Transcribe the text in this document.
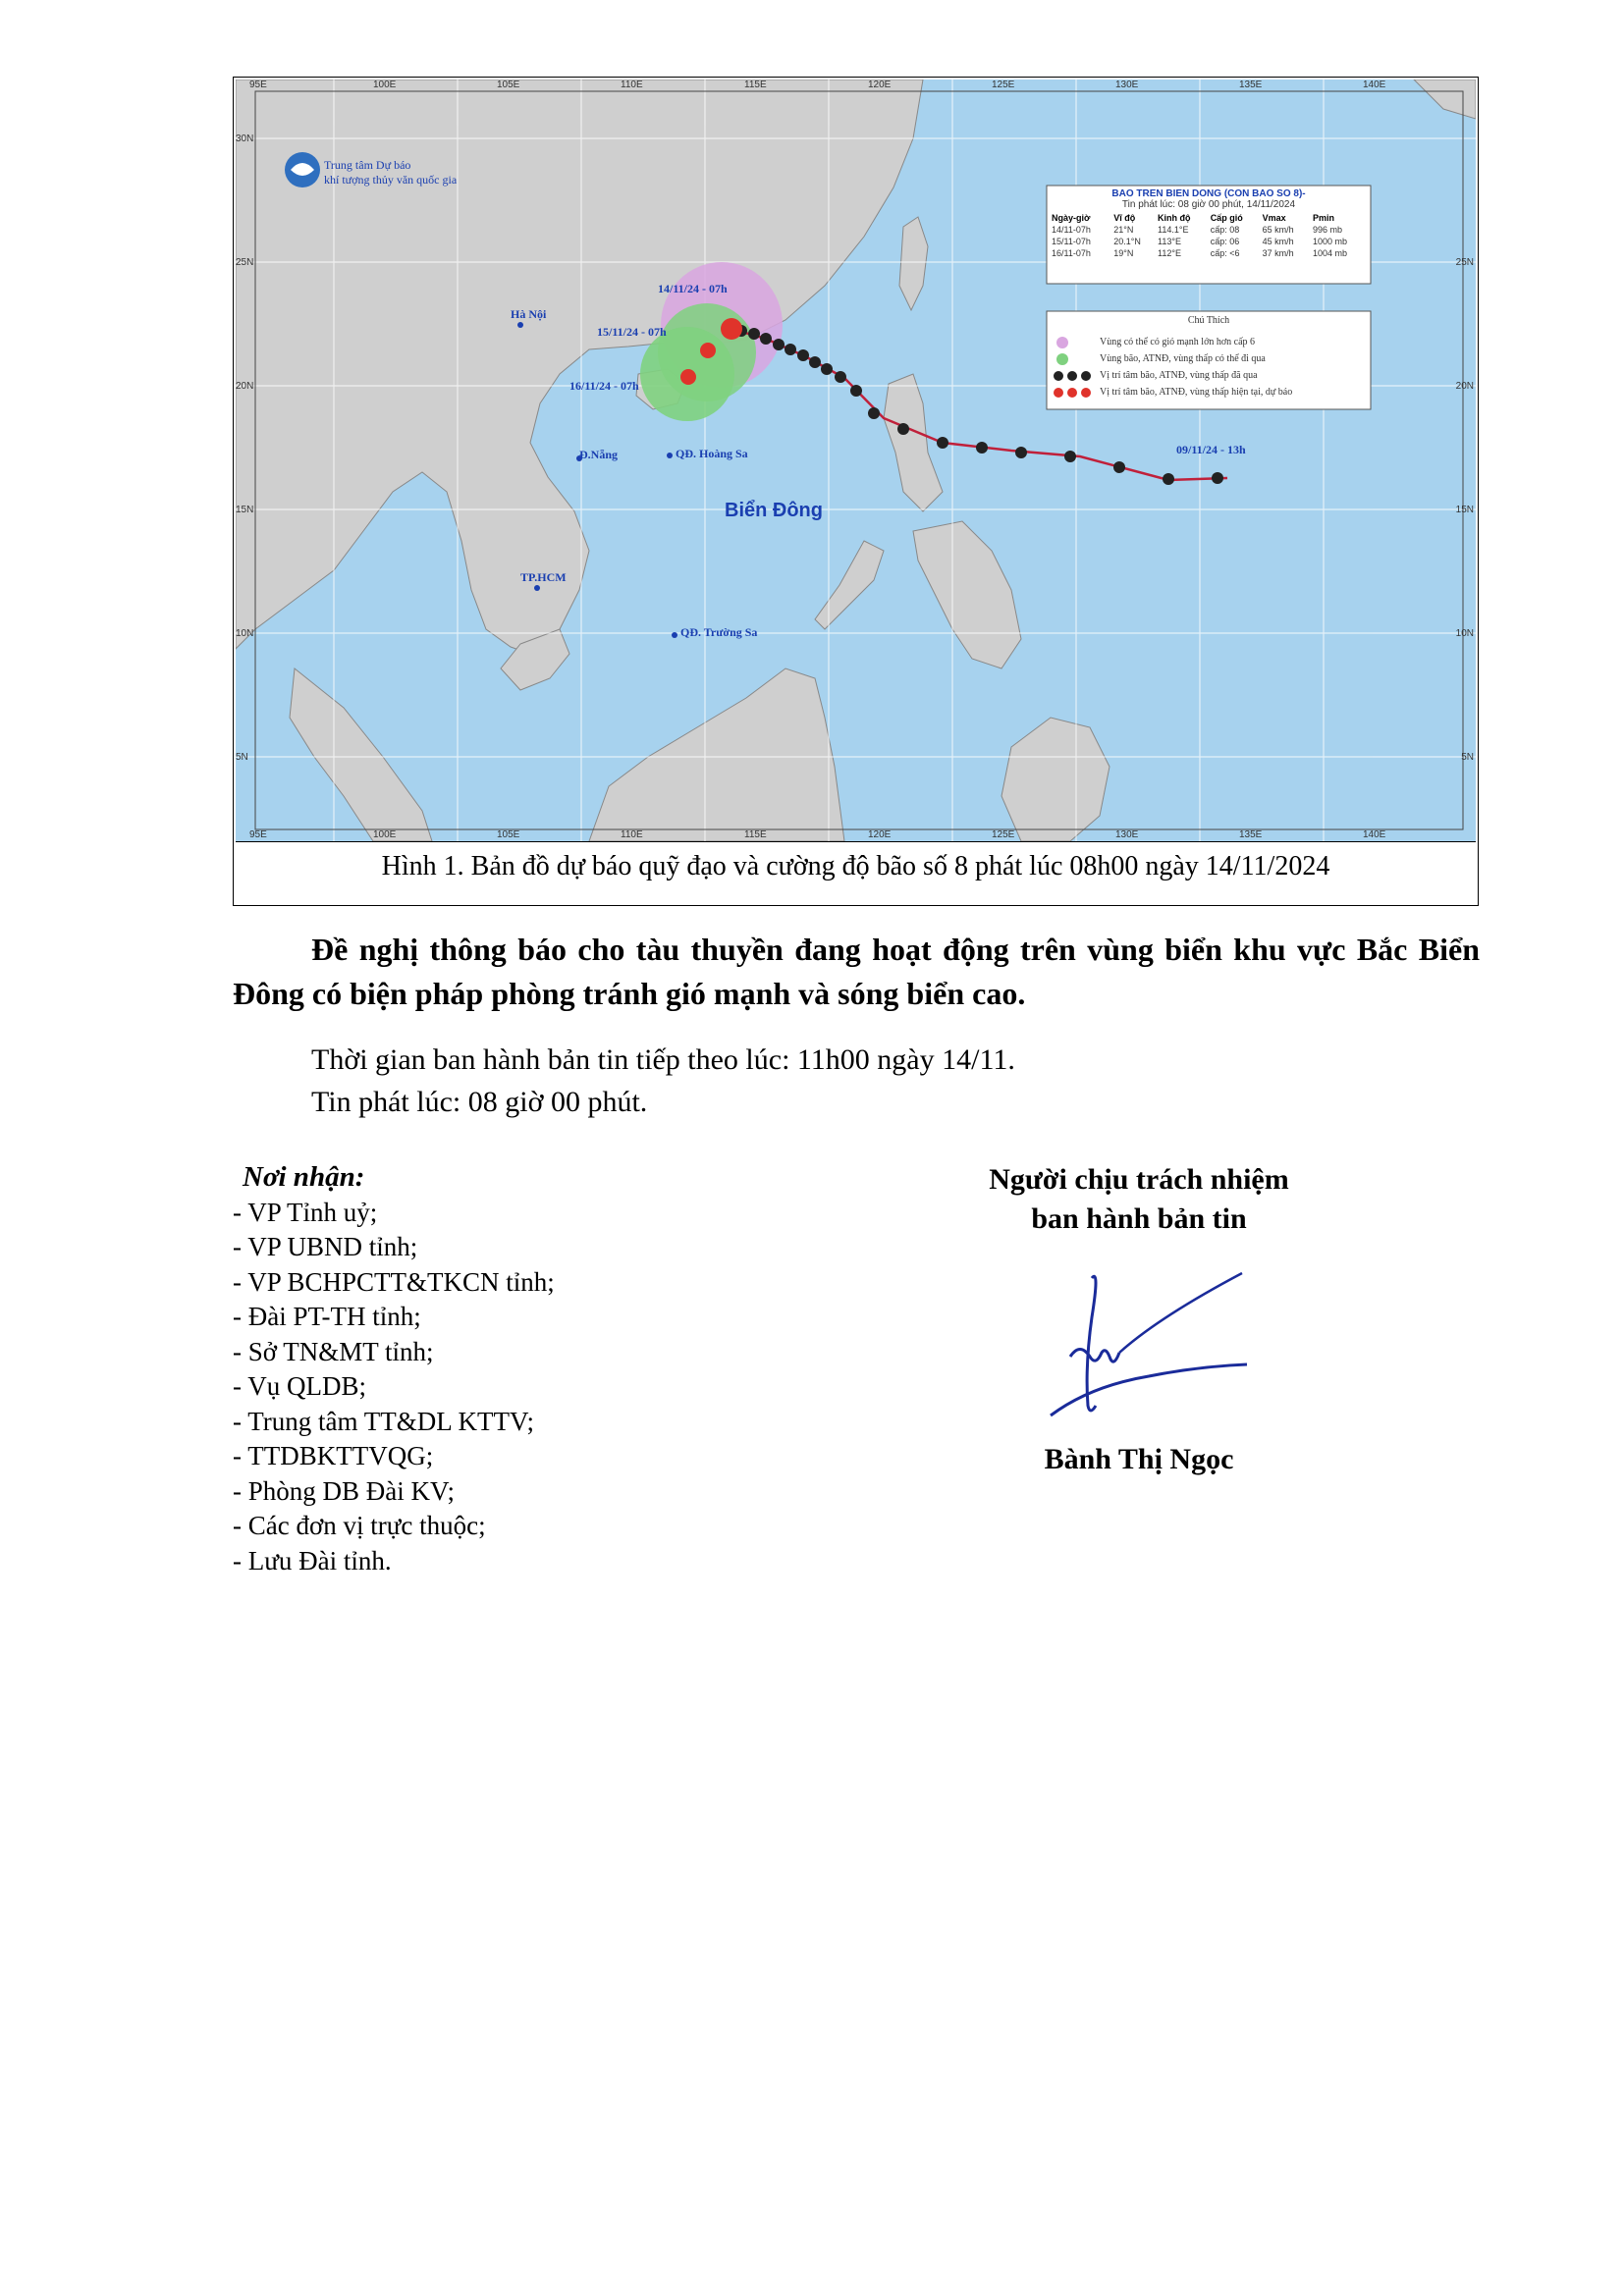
95E	100E	105E	110E	115E	120E	125E	130E	135E	140E
95E	100E	105E	110E	115E	120E	125E	130E	135E	140E
30N
25N
20N
15N
10N
5N
25N
20N
15N
10N
5N
Trung tâm Dự báo
khí tượng thủy văn quốc gia
Hà Nội
Đ.Nẵng	QĐ. Hoàng Sa
Biển Đông
TP.HCM
QĐ. Trường Sa
14/11/24 - 07h
15/11/24 - 07h
16/11/24 - 07h
09/11/24 - 13h
BAO TREN BIEN DONG (CON BAO SO 8)-
Tin phát lúc: 08 giờ 00 phút, 14/11/2024
Ngày-giờ	Vĩ độ	Kinh độ	Cấp gió	Vmax	Pmin
14/11-07h	21°N	114.1°E	cấp: 08	65 km/h	996 mb
15/11-07h	20.1°N	113°E	cấp: 06	45 km/h	1000 mb
16/11-07h	19°N	112°E	cấp: <6	37 km/h	1004 mb
Chú Thích
Vùng có thể có gió mạnh lớn hơn cấp 6
Vùng bão, ATNĐ, vùng thấp có thể đi qua
Vị trí tâm bão, ATNĐ, vùng thấp đã qua
Vị trí tâm bão, ATNĐ, vùng thấp hiện tại, dự báo
Hình 1. Bản đồ dự báo quỹ đạo và cường độ bão số 8 phát lúc 08h00 ngày 14/11/2024
Đề nghị thông báo cho tàu thuyền đang hoạt động trên vùng biển khu vực Bắc Biển Đông có biện pháp phòng tránh gió mạnh và sóng biển cao.
Thời gian ban hành bản tin tiếp theo lúc: 11h00 ngày 14/11.
Tin phát lúc: 08 giờ 00 phút.
Nơi nhận:
- VP Tỉnh uỷ;
- VP UBND tỉnh;
- VP BCHPCTT&TKCN tỉnh;
- Đài PT-TH tỉnh;
- Sở TN&MT tỉnh;
- Vụ QLDB;
- Trung tâm TT&DL KTTV;
- TTDBKTTVQG;
- Phòng DB Đài KV;
- Các đơn vị trực thuộc;
- Lưu Đài tỉnh.
Người chịu trách nhiệm
ban hành bản tin
Bành Thị Ngọc
